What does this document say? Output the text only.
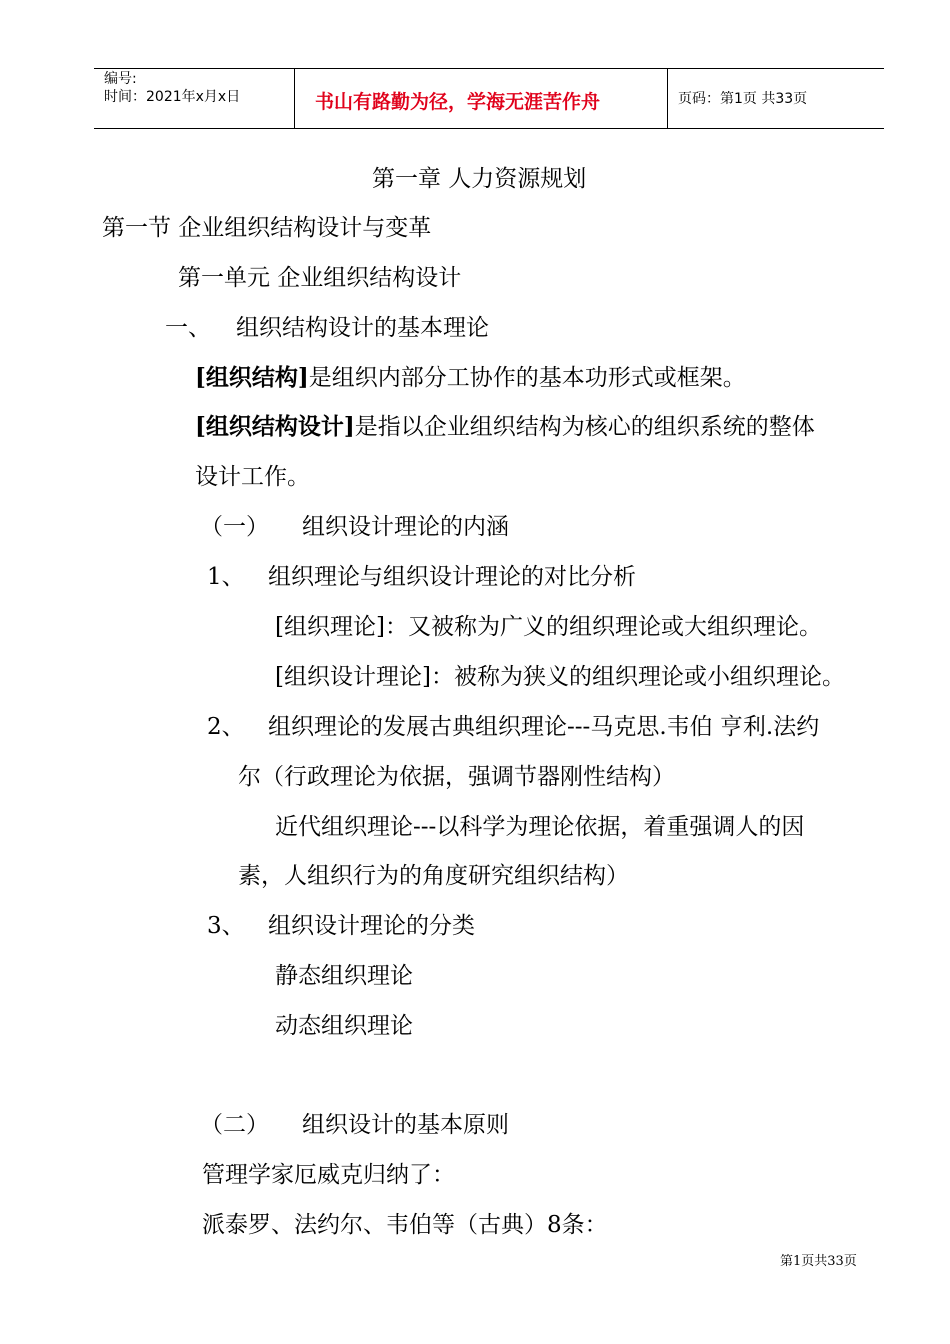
编号:
时间：2021年x月x日	书山有路勤为径，学海无涯苦作舟	页码：第1页 共33页
第一章 人力资源规划
第一节 企业组织结构设计与变革
第一单元 企业组织结构设计
一、 组织结构设计的基本理论
[组织结构]是组织内部分工协作的基本功形式或框架。
[组织结构设计]是指以企业组织结构为核心的组织系统的整体
设计工作。
（一） 组织设计理论的内涵
1、 组织理论与组织设计理论的对比分析
[组织理论]：又被称为广义的组织理论或大组织理论。
[组织设计理论]：被称为狭义的组织理论或小组织理论。
2、 组织理论的发展古典组织理论---马克思.韦伯 亨利.法约
尔（行政理论为依据，强调节器刚性结构）
近代组织理论---以科学为理论依据，着重强调人的因
素，人组织行为的角度研究组织结构）
3、 组织设计理论的分类
静态组织理论
动态组织理论
（二） 组织设计的基本原则
管理学家厄威克归纳了：
派泰罗、法约尔、韦伯等（古典）8条：
第1页共33页
